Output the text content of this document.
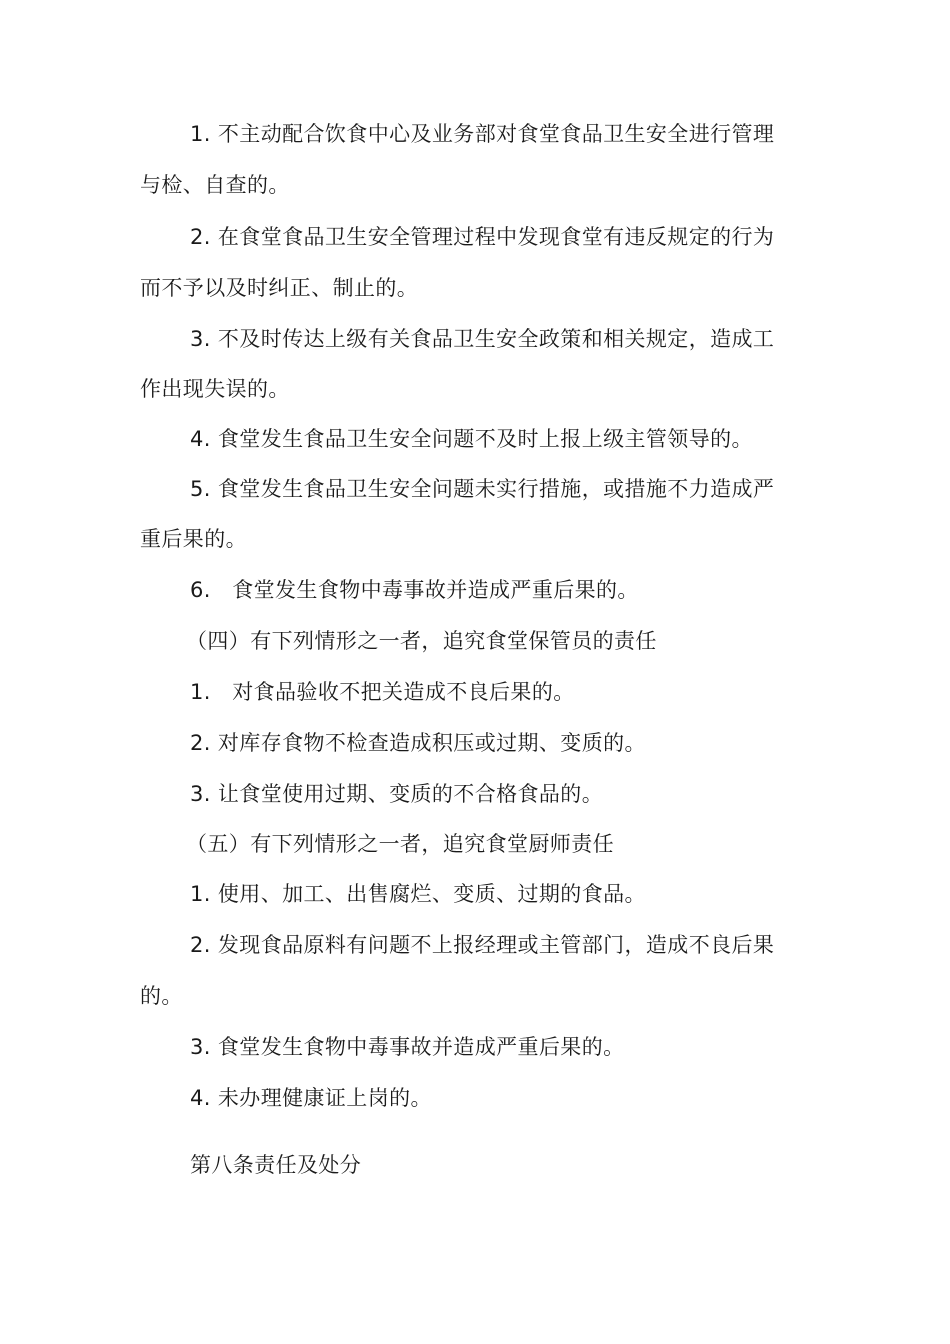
1. 不主动配合饮食中心及业务部对食堂食品卫生安全进行管理
与检、自查的。
2. 在食堂食品卫生安全管理过程中发现食堂有违反规定的行为
而不予以及时纠正、制止的。
3. 不及时传达上级有关食品卫生安全政策和相关规定，造成工
作出现失误的。
4. 食堂发生食品卫生安全问题不及时上报上级主管领导的。
5. 食堂发生食品卫生安全问题未实行措施，或措施不力造成严
重后果的。
6.　食堂发生食物中毒事故并造成严重后果的。
（四）有下列情形之一者，追究食堂保管员的责任
1.　对食品验收不把关造成不良后果的。
2. 对库存食物不检查造成积压或过期、变质的。
3. 让食堂使用过期、变质的不合格食品的。
（五）有下列情形之一者，追究食堂厨师责任
1. 使用、加工、出售腐烂、变质、过期的食品。
2. 发现食品原料有问题不上报经理或主管部门，造成不良后果
的。
3. 食堂发生食物中毒事故并造成严重后果的。
4. 未办理健康证上岗的。
第八条责任及处分
